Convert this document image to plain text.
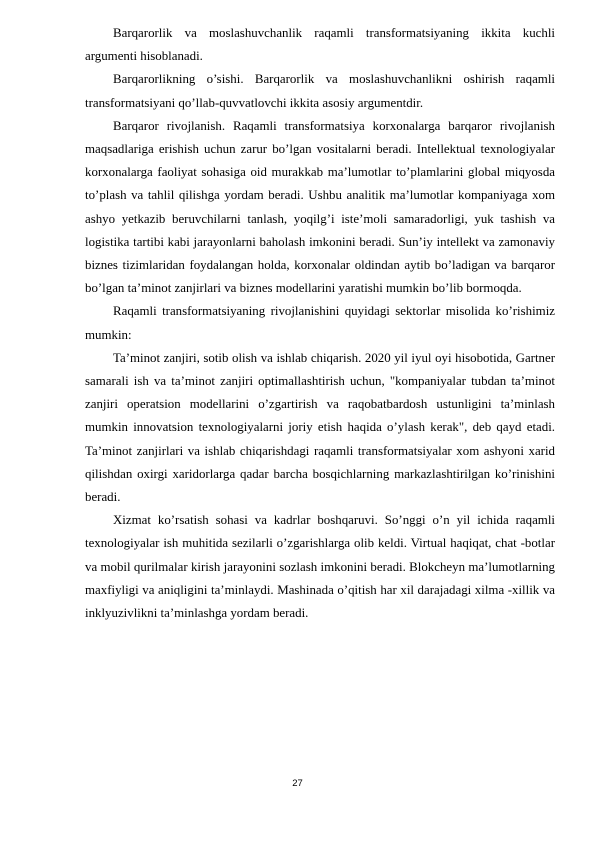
Barqarorlik va moslashuvchanlik raqamli transformatsiyaning ikkita kuchli argumenti hisoblanadi.

Barqarorlikning o’sishi. Barqarorlik va moslashuvchanlikni oshirish raqamli transformatsiyani qo’llab-quvvatlovchi ikkita asosiy argumentdir.

Barqaror rivojlanish. Raqamli transformatsiya korxonalarga barqaror rivojlanish maqsadlariga erishish uchun zarur bo’lgan vositalarni beradi. Intellektual texnologiyalar korxonalarga faoliyat sohasiga oid murakkab ma’lumotlar to’plamlarini global miqyosda to’plash va tahlil qilishga yordam beradi. Ushbu analitik ma’lumotlar kompaniyaga xom ashyo yetkazib beruvchilarni tanlash, yoqilg’i iste’moli samaradorligi, yuk tashish va logistika tartibi kabi jarayonlarni baholash imkonini beradi. Sun’iy intellekt va zamonaviy biznes tizimlaridan foydalangan holda, korxonalar oldindan aytib bo’ladigan va barqaror bo’lgan ta’minot zanjirlari va biznes modellarini yaratishi mumkin bo’lib bormoqda.

Raqamli transformatsiyaning rivojlanishini quyidagi sektorlar misolida ko’rishimiz mumkin:

Ta’minot zanjiri, sotib olish va ishlab chiqarish. 2020 yil iyul oyi hisobotida, Gartner samarali ish va ta’minot zanjiri optimallashtirish uchun, "kompaniyalar tubdan ta’minot zanjiri operatsion modellarini o’zgartirish va raqobatbardosh ustunligini ta’minlash mumkin innovatsion texnologiyalarni joriy etish haqida o’ylash kerak", deb qayd etadi. Ta’minot zanjirlari va ishlab chiqarishdagi raqamli transformatsiyalar xom ashyoni xarid qilishdan oxirgi xaridorlarga qadar barcha bosqichlarning markazlashtirilgan ko’rinishini beradi.

Xizmat ko’rsatish sohasi va kadrlar boshqaruvi. So’nggi o’n yil ichida raqamli texnologiyalar ish muhitida sezilarli o’zgarishlarga olib keldi. Virtual haqiqat, chat -botlar va mobil qurilmalar kirish jarayonini sozlash imkonini beradi. Blokcheyn ma’lumotlarning maxfiyligi va aniqligini ta’minlaydi. Mashinada o’qitish har xil darajadagi xilma -xillik va inklyuzivlikni ta’minlashga yordam beradi.

27
